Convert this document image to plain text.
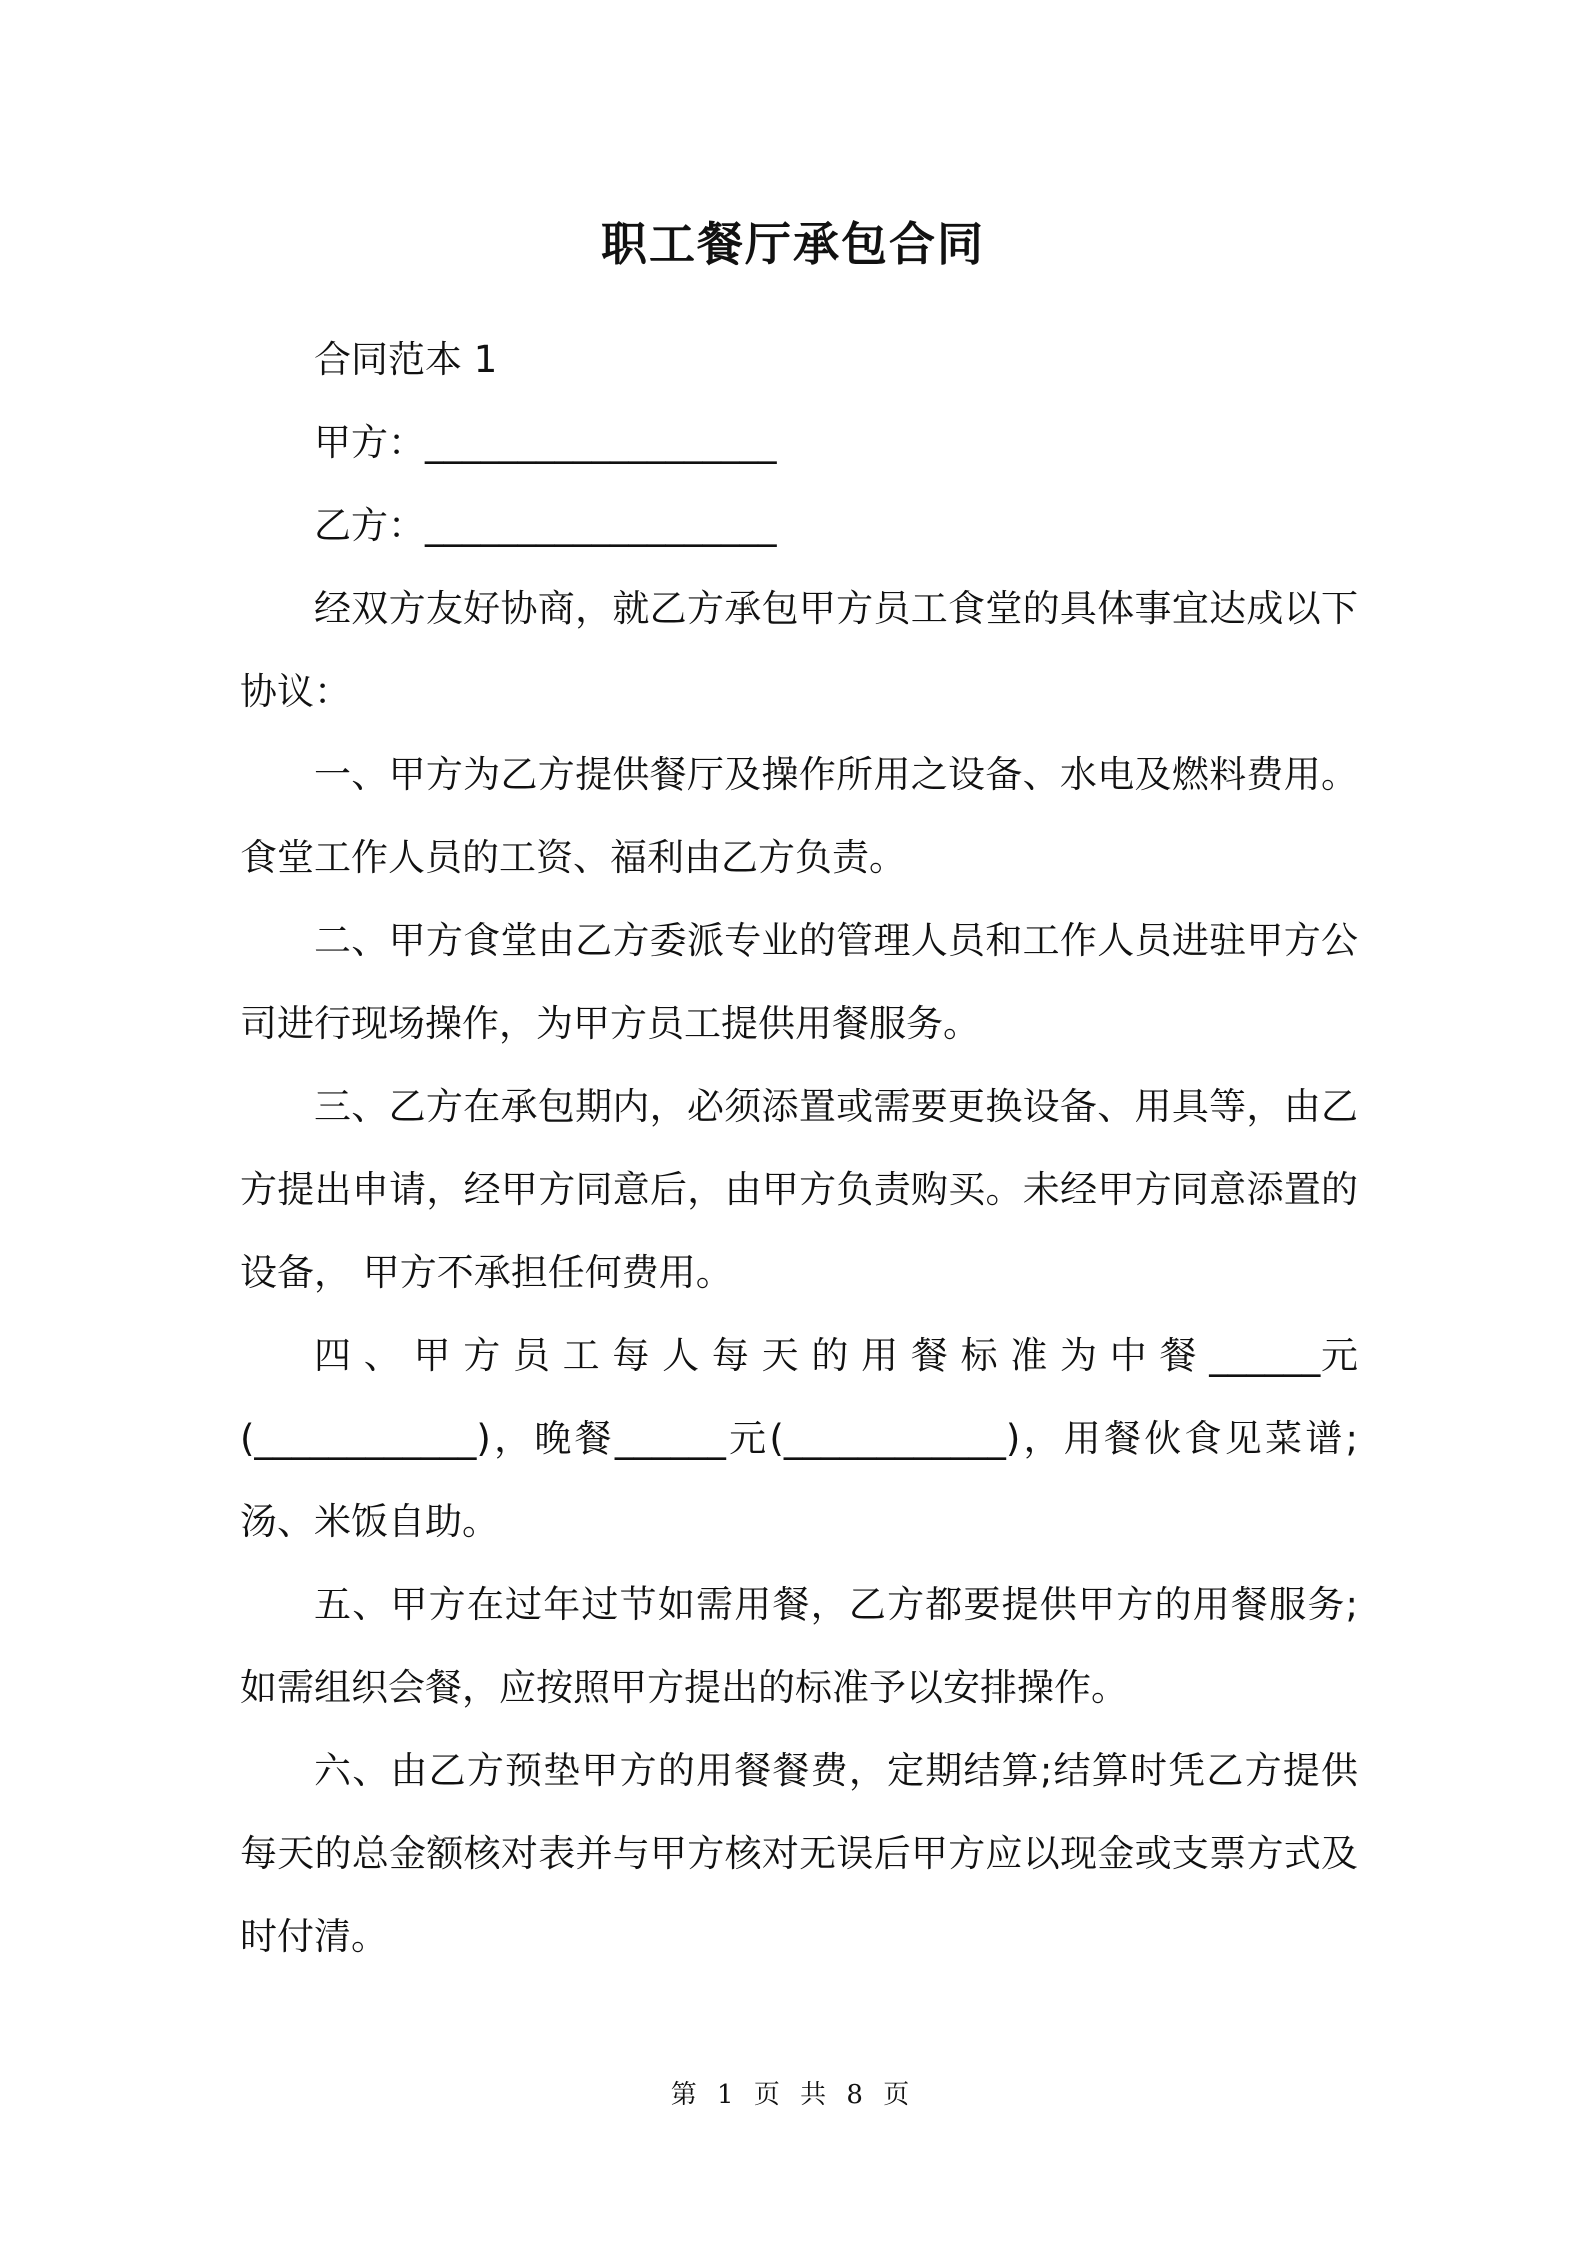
职工餐厅承包合同

合同范本 1

甲方：___________________

乙方：___________________

经双方友好协商，就乙方承包甲方员工食堂的具体事宜达成以下协议：

一、甲方为乙方提供餐厅及操作所用之设备、水电及燃料费用。食堂工作人员的工资、福利由乙方负责。

二、甲方食堂由乙方委派专业的管理人员和工作人员进驻甲方公司进行现场操作，为甲方员工提供用餐服务。

三、乙方在承包期内，必须添置或需要更换设备、用具等，由乙方提出申请，经甲方同意后，由甲方负责购买。未经甲方同意添置的设备， 甲方不承担任何费用。

四、甲方员工每人每天的用餐标准为中餐______元(____________)，晚餐______元(____________)，用餐伙食见菜谱;汤、米饭自助。

五、甲方在过年过节如需用餐，乙方都要提供甲方的用餐服务;如需组织会餐，应按照甲方提出的标准予以安排操作。

六、由乙方预垫甲方的用餐餐费，定期结算;结算时凭乙方提供每天的总金额核对表并与甲方核对无误后甲方应以现金或支票方式及时付清。

第 1 页 共 8 页
